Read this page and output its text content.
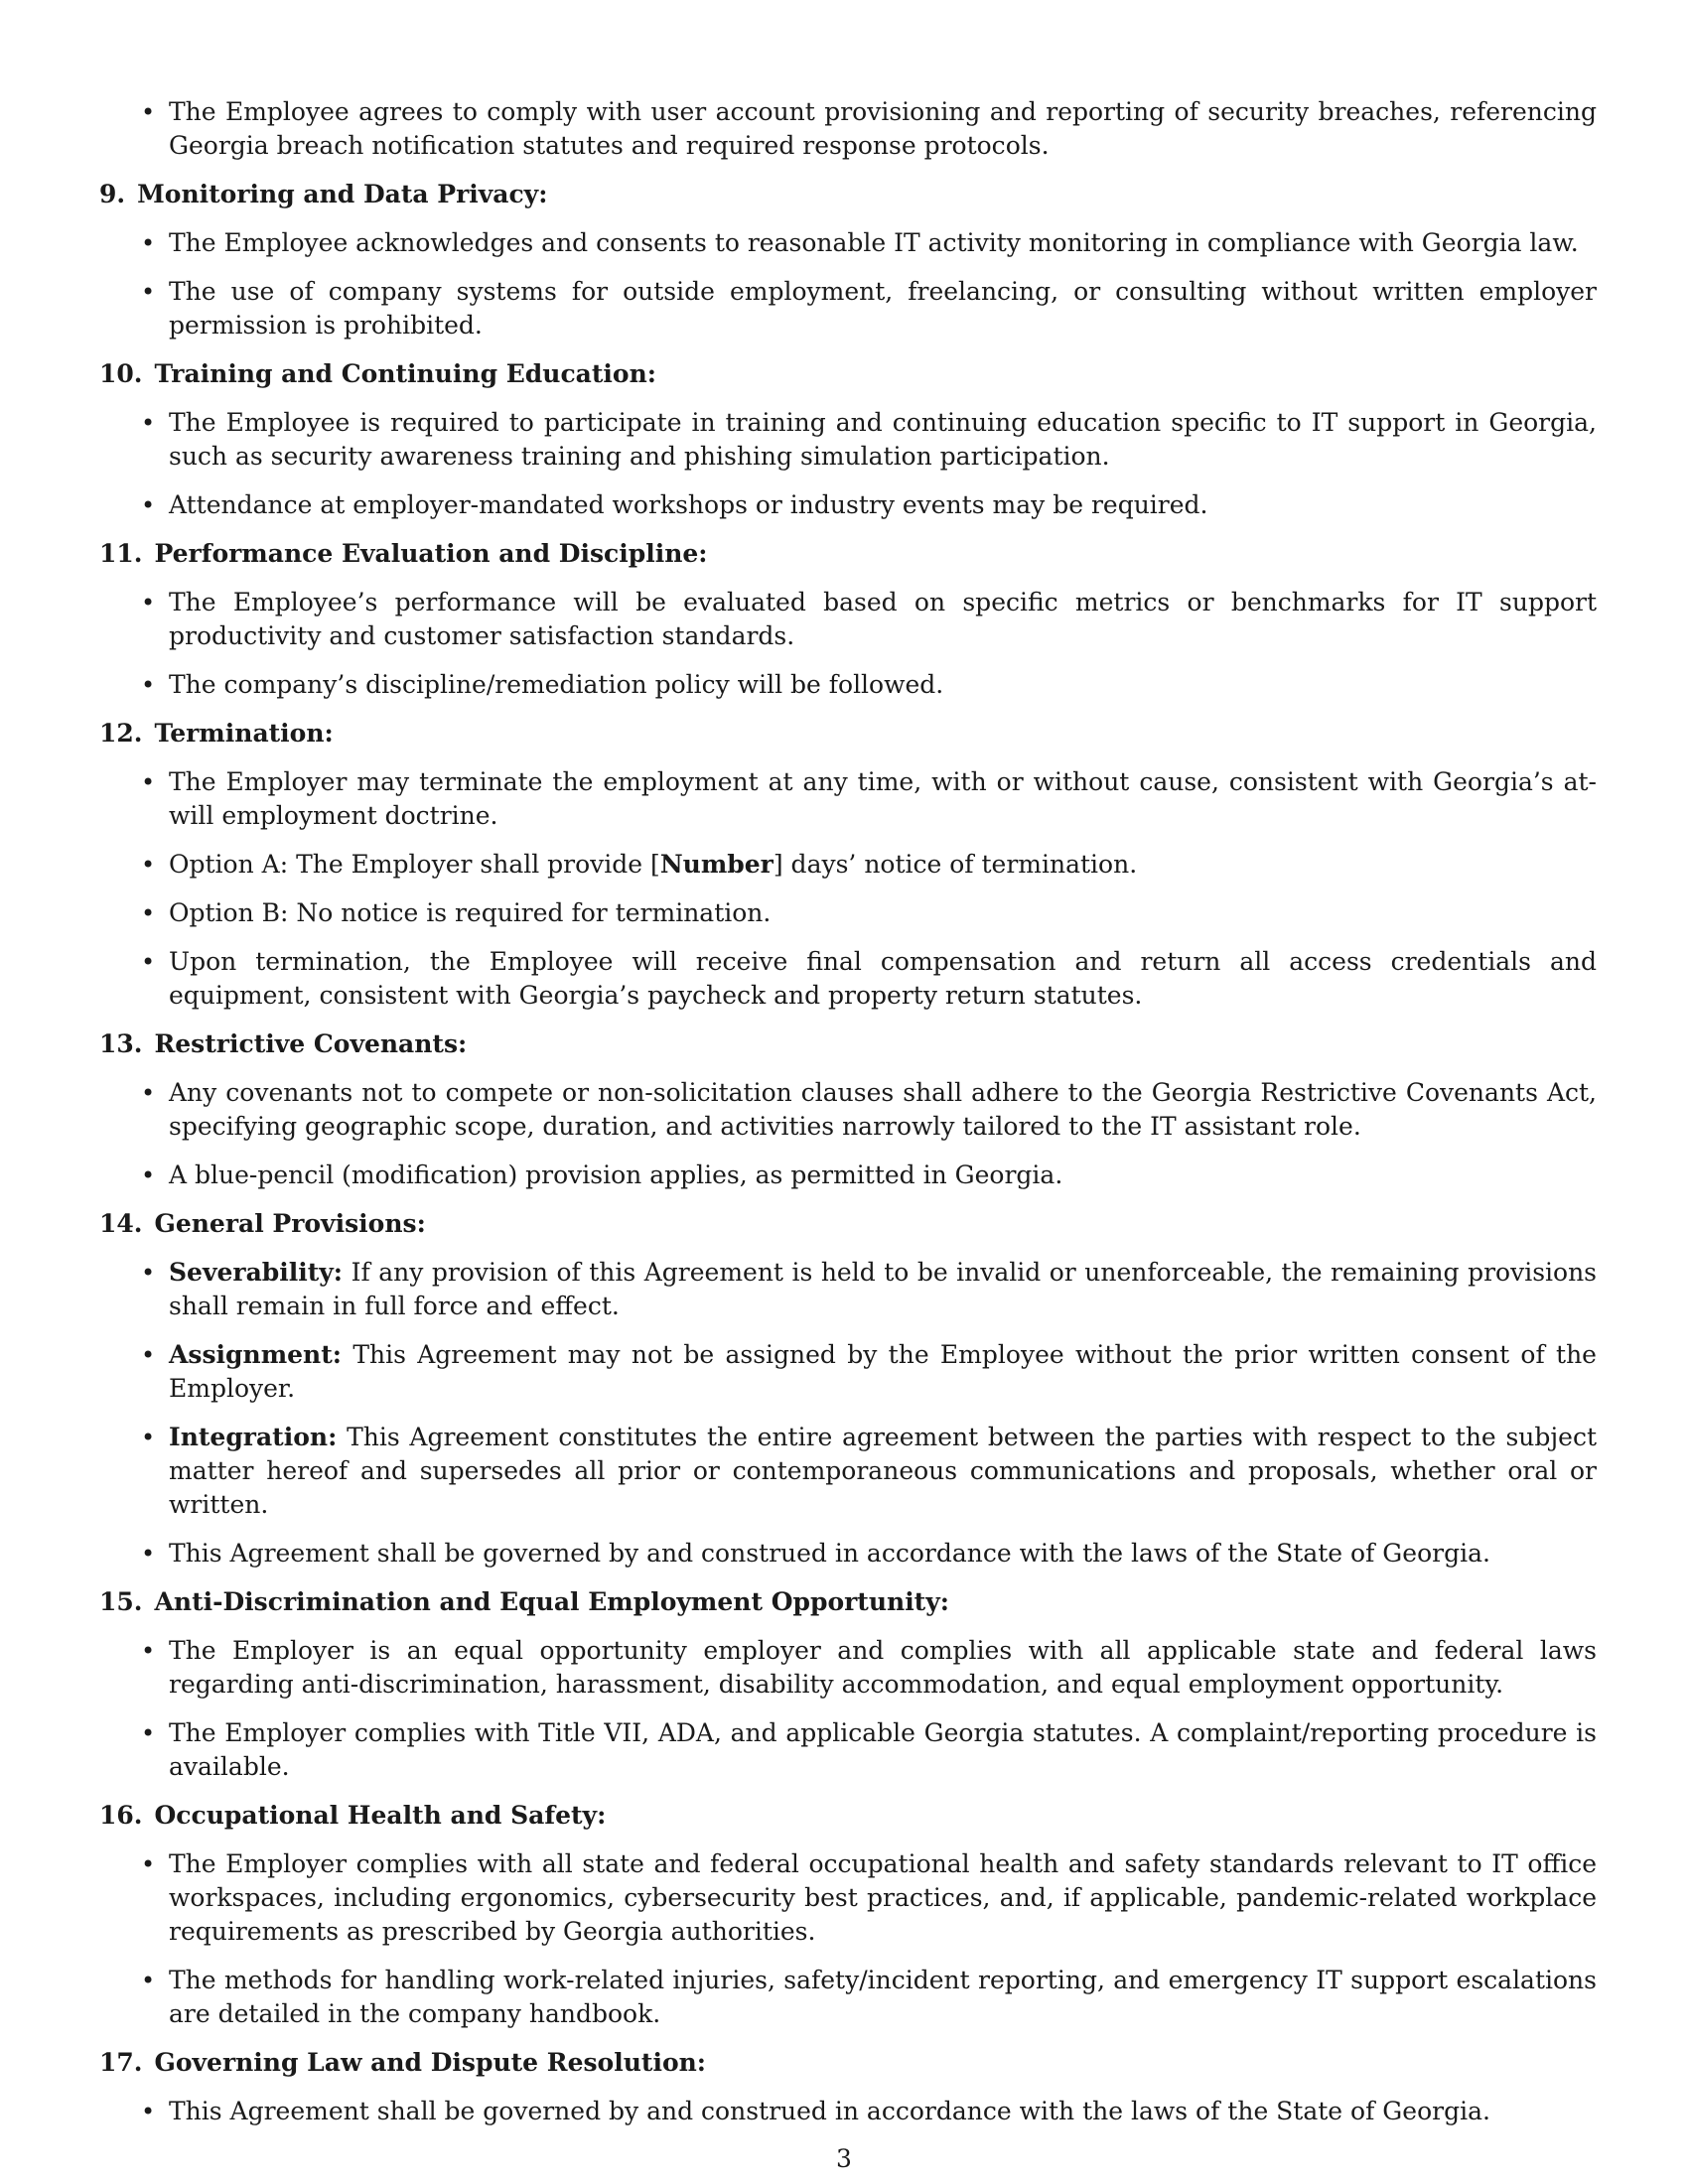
• The Employee agrees to comply with user account provisioning and reporting of security breaches, referencing Georgia breach notification statutes and required response protocols.
9. Monitoring and Data Privacy:
• The Employee acknowledges and consents to reasonable IT activity monitoring in compliance with Georgia law.
• The use of company systems for outside employment, freelancing, or consulting without written employer permission is prohibited.
10. Training and Continuing Education:
• The Employee is required to participate in training and continuing education specific to IT support in Georgia, such as security awareness training and phishing simulation participation.
• Attendance at employer-mandated workshops or industry events may be required.
11. Performance Evaluation and Discipline:
• The Employee’s performance will be evaluated based on specific metrics or benchmarks for IT support productivity and customer satisfaction standards.
• The company’s discipline/remediation policy will be followed.
12. Termination:
• The Employer may terminate the employment at any time, with or without cause, consistent with Georgia’s at-will employment doctrine.
• Option A: The Employer shall provide [Number] days’ notice of termination.
• Option B: No notice is required for termination.
• Upon termination, the Employee will receive final compensation and return all access credentials and equipment, consistent with Georgia’s paycheck and property return statutes.
13. Restrictive Covenants:
• Any covenants not to compete or non-solicitation clauses shall adhere to the Georgia Restrictive Covenants Act, specifying geographic scope, duration, and activities narrowly tailored to the IT assistant role.
• A blue-pencil (modification) provision applies, as permitted in Georgia.
14. General Provisions:
• Severability: If any provision of this Agreement is held to be invalid or unenforceable, the remaining provisions shall remain in full force and effect.
• Assignment: This Agreement may not be assigned by the Employee without the prior written consent of the Employer.
• Integration: This Agreement constitutes the entire agreement between the parties with respect to the subject matter hereof and supersedes all prior or contemporaneous communications and proposals, whether oral or written.
• This Agreement shall be governed by and construed in accordance with the laws of the State of Georgia.
15. Anti-Discrimination and Equal Employment Opportunity:
• The Employer is an equal opportunity employer and complies with all applicable state and federal laws regarding anti-discrimination, harassment, disability accommodation, and equal employment opportunity.
• The Employer complies with Title VII, ADA, and applicable Georgia statutes. A complaint/reporting procedure is available.
16. Occupational Health and Safety:
• The Employer complies with all state and federal occupational health and safety standards relevant to IT office workspaces, including ergonomics, cybersecurity best practices, and, if applicable, pandemic-related workplace requirements as prescribed by Georgia authorities.
• The methods for handling work-related injuries, safety/incident reporting, and emergency IT support escalations are detailed in the company handbook.
17. Governing Law and Dispute Resolution:
• This Agreement shall be governed by and construed in accordance with the laws of the State of Georgia.
3
